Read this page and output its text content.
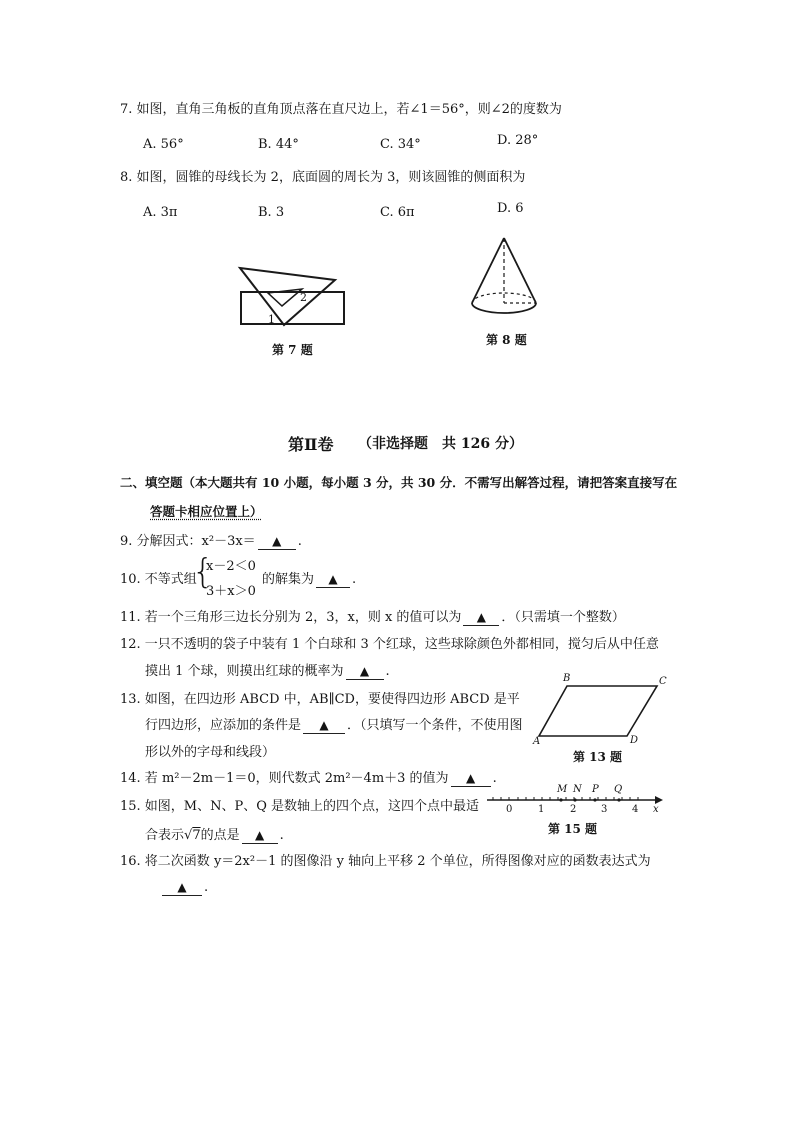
7. 如图，直角三角板的直角顶点落在直尺边上，若∠1＝56°，则∠2的度数为
A. 56°	B. 44°	C. 34°	D. 28°
8. 如图，圆锥的母线长为 2，底面圆的周长为 3，则该圆锥的侧面积为
A. 3π	B. 3	C. 6π	D. 6
2
1
第 7 题
第 8 题
第Ⅱ卷 （非选择题　共 126 分）
二、填空题（本大题共有 10 小题，每小题 3 分，共 30 分．不需写出解答过程，请把答案直接写在
答题卡相应位置上）
9. 分解因式：x²－3x＝ ▲ .
10. 不等式组
{
x－2＜0
3＋x＞0
的解集为 ▲ .
11. 若一个三角形三边长分别为 2，3，x，则 x 的值可以为 ▲ ．（只需填一个整数）
12. 一只不透明的袋子中装有 1 个白球和 3 个红球，这些球除颜色外都相同，搅匀后从中任意
摸出 1 个球，则摸出红球的概率为 ▲ .
13. 如图，在四边形 ABCD 中，AB∥CD，要使得四边形 ABCD 是平
行四边形，应添加的条件是 ▲ ．（只填写一个条件，不使用图
形以外的字母和线段）
B	C
A	D
第 13 题
14. 若 m²－2m－1＝0，则代数式 2m²－4m＋3 的值为 ▲ .
15. 如图，M、N、P、Q 是数轴上的四个点，这四个点中最适
合表示√7的点是 ▲ .
M N P Q
0	1	2 3 4 x
第 15 题
16. 将二次函数 y＝2x²－1 的图像沿 y 轴向上平移 2 个单位，所得图像对应的函数表达式为
▲ .
